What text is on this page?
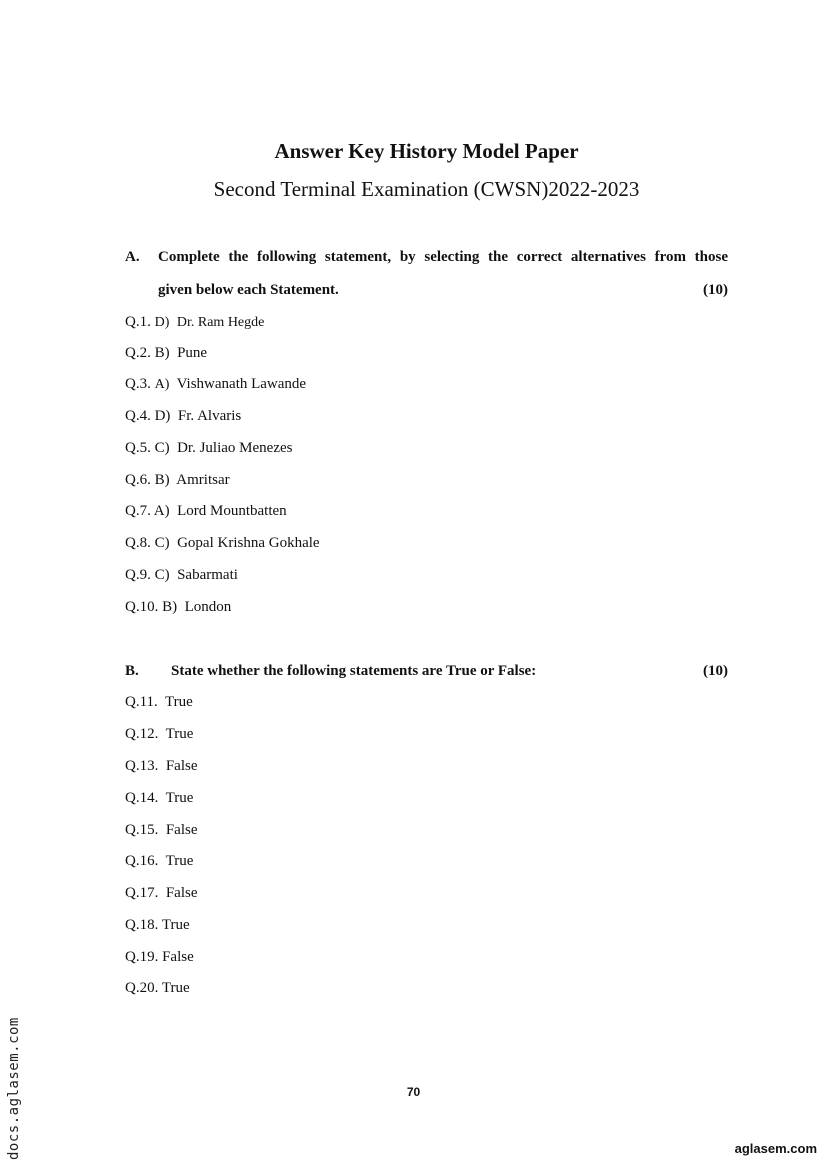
Answer Key History Model Paper
Second Terminal Examination (CWSN)2022-2023
A. Complete the following statement, by selecting the correct alternatives from those
given below each Statement.	(10)
Q.1. D) Dr. Ram Hegde
Q.2. B) Pune
Q.3. A) Vishwanath Lawande
Q.4. D) Fr. Alvaris
Q.5. C) Dr. Juliao Menezes
Q.6. B) Amritsar
Q.7. A) Lord Mountbatten
Q.8. C) Gopal Krishna Gokhale
Q.9. C) Sabarmati
Q.10. B) London
B. State whether the following statements are True or False:	(10)
Q.11. True
Q.12. True
Q.13. False
Q.14. True
Q.15. False
Q.16. True
Q.17. False
Q.18. True
Q.19. False
Q.20. True
70
docs.aglasem.com	aglasem.com
